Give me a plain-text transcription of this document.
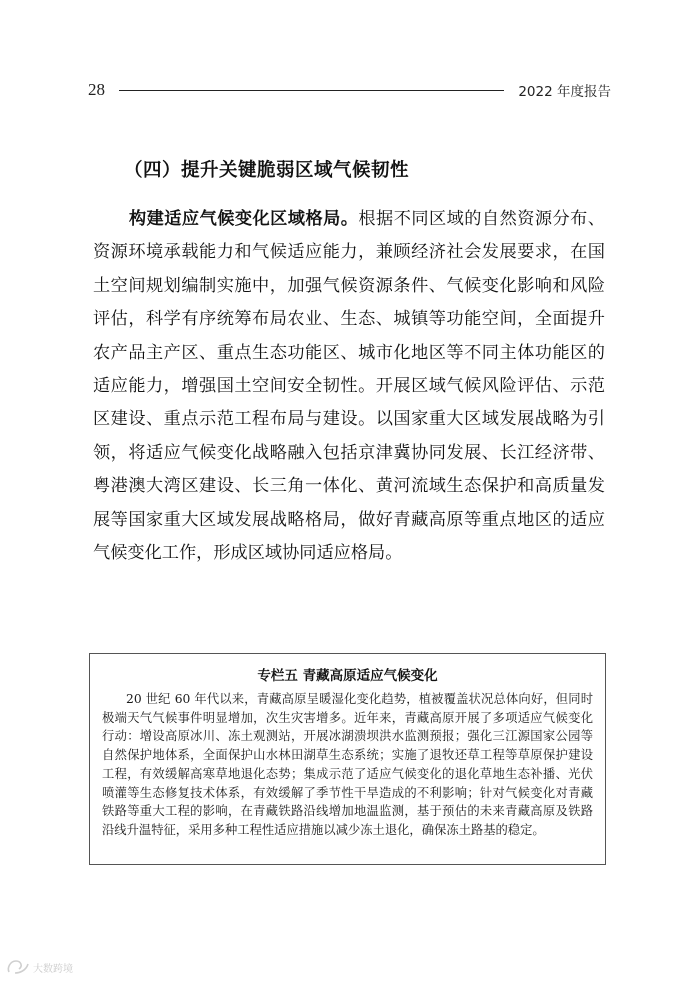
28	2022 年度报告
（四）提升关键脆弱区域气候韧性

构建适应气候变化区域格局。根据不同区域的自然资源分布、资源环境承载能力和气候适应能力，兼顾经济社会发展要求，在国土空间规划编制实施中，加强气候资源条件、气候变化影响和风险评估，科学有序统筹布局农业、生态、城镇等功能空间，全面提升农产品主产区、重点生态功能区、城市化地区等不同主体功能区的适应能力，增强国土空间安全韧性。开展区域气候风险评估、示范区建设、重点示范工程布局与建设。以国家重大区域发展战略为引领，将适应气候变化战略融入包括京津冀协同发展、长江经济带、粤港澳大湾区建设、长三角一体化、黄河流域生态保护和高质量发展等国家重大区域发展战略格局，做好青藏高原等重点地区的适应气候变化工作，形成区域协同适应格局。

专栏五 青藏高原适应气候变化

20 世纪 60 年代以来，青藏高原呈暖湿化变化趋势，植被覆盖状况总体向好，但同时极端天气气候事件明显增加，次生灾害增多。近年来，青藏高原开展了多项适应气候变化行动：增设高原冰川、冻土观测站，开展冰湖溃坝洪水监测预报；强化三江源国家公园等自然保护地体系，全面保护山水林田湖草生态系统；实施了退牧还草工程等草原保护建设工程，有效缓解高寒草地退化态势；集成示范了适应气候变化的退化草地生态补播、光伏喷灌等生态修复技术体系，有效缓解了季节性干旱造成的不利影响；针对气候变化对青藏铁路等重大工程的影响，在青藏铁路沿线增加地温监测，基于预估的未来青藏高原及铁路沿线升温特征，采用多种工程性适应措施以减少冻土退化，确保冻土路基的稳定。

大数跨境
